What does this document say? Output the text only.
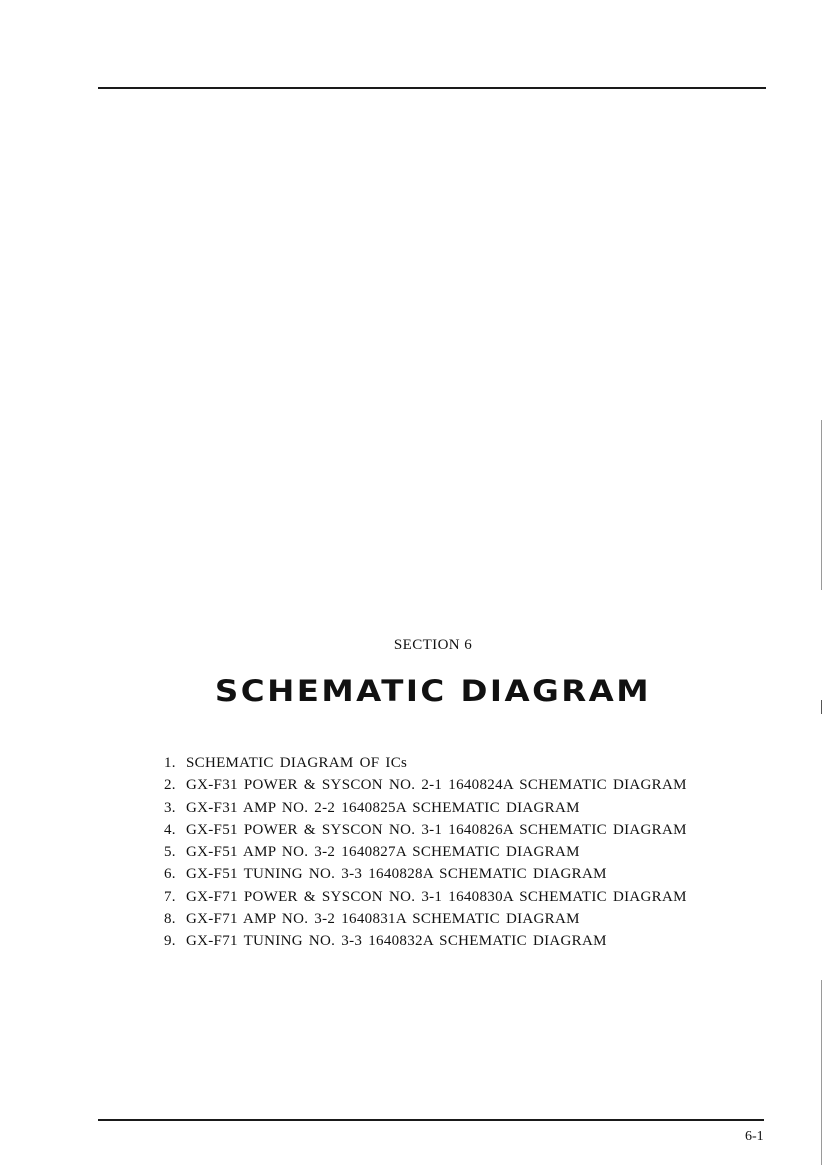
SECTION 6
SCHEMATIC DIAGRAM
1. SCHEMATIC DIAGRAM OF ICs
2. GX-F31 POWER & SYSCON NO. 2-1 1640824A SCHEMATIC DIAGRAM
3. GX-F31 AMP NO. 2-2 1640825A SCHEMATIC DIAGRAM
4. GX-F51 POWER & SYSCON NO. 3-1 1640826A SCHEMATIC DIAGRAM
5. GX-F51 AMP NO. 3-2 1640827A SCHEMATIC DIAGRAM
6. GX-F51 TUNING NO. 3-3 1640828A SCHEMATIC DIAGRAM
7. GX-F71 POWER & SYSCON NO. 3-1 1640830A SCHEMATIC DIAGRAM
8. GX-F71 AMP NO. 3-2 1640831A SCHEMATIC DIAGRAM
9. GX-F71 TUNING NO. 3-3 1640832A SCHEMATIC DIAGRAM
6-1
